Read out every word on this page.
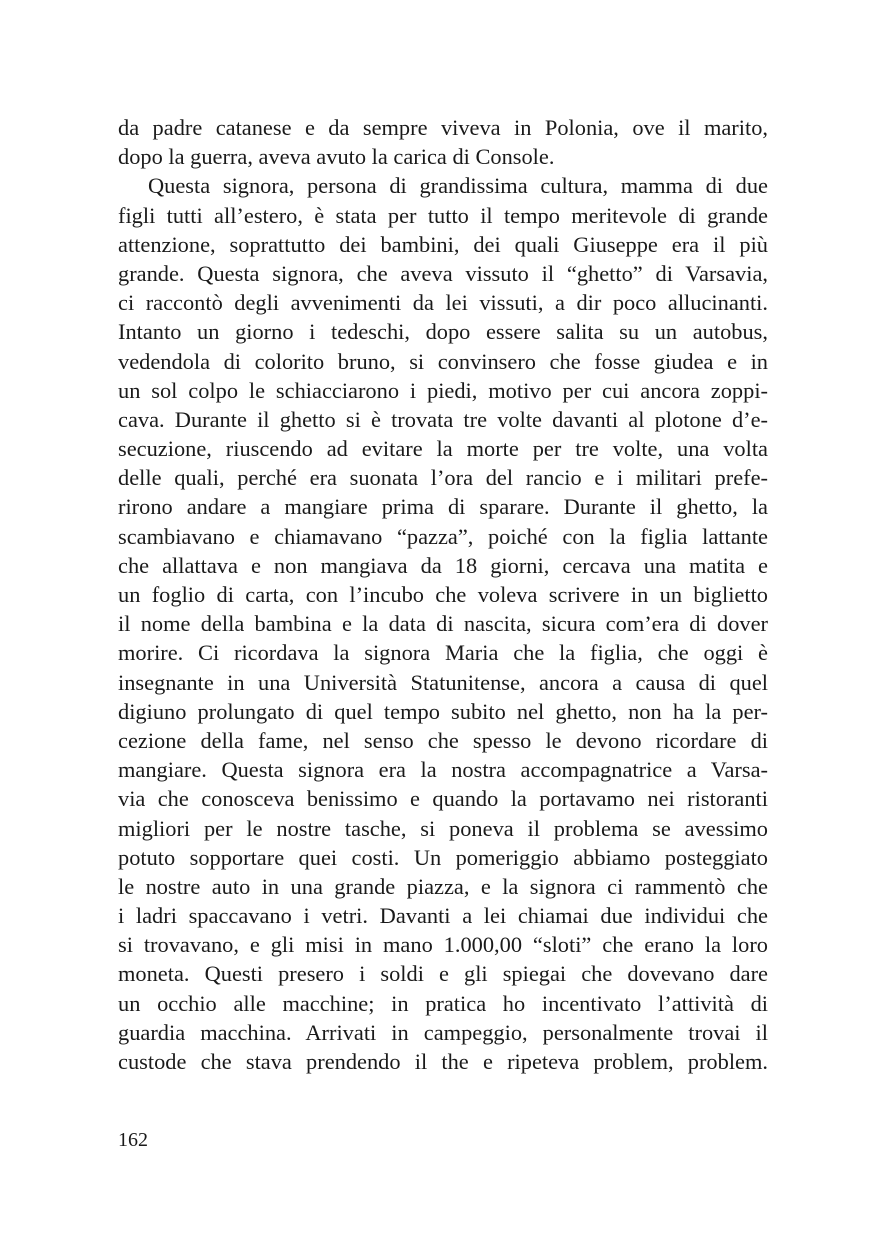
da padre catanese e da sempre viveva in Polonia, ove il marito,
dopo la guerra, aveva avuto la carica di Console.
Questa signora, persona di grandissima cultura, mamma di due
figli tutti all’estero, è stata per tutto il tempo meritevole di grande
attenzione, soprattutto dei bambini, dei quali Giuseppe era il più
grande. Questa signora, che aveva vissuto il “ghetto” di Varsavia,
ci raccontò degli avvenimenti da lei vissuti, a dir poco allucinanti.
Intanto un giorno i tedeschi, dopo essere salita su un autobus,
vedendola di colorito bruno, si convinsero che fosse giudea e in
un sol colpo le schiacciarono i piedi, motivo per cui ancora zoppi-
cava. Durante il ghetto si è trovata tre volte davanti al plotone d’e-
secuzione, riuscendo ad evitare la morte per tre volte, una volta
delle quali, perché era suonata l’ora del rancio e i militari prefe-
rirono andare a mangiare prima di sparare. Durante il ghetto, la
scambiavano e chiamavano “pazza”, poiché con la figlia lattante
che allattava e non mangiava da 18 giorni, cercava una matita e
un foglio di carta, con l’incubo che voleva scrivere in un biglietto
il nome della bambina e la data di nascita, sicura com’era di dover
morire. Ci ricordava la signora Maria che la figlia, che oggi è
insegnante in una Università Statunitense, ancora a causa di quel
digiuno prolungato di quel tempo subito nel ghetto, non ha la per-
cezione della fame, nel senso che spesso le devono ricordare di
mangiare. Questa signora era la nostra accompagnatrice a Varsa-
via che conosceva benissimo e quando la portavamo nei ristoranti
migliori per le nostre tasche, si poneva il problema se avessimo
potuto sopportare quei costi. Un pomeriggio abbiamo posteggiato
le nostre auto in una grande piazza, e la signora ci rammentò che
i ladri spaccavano i vetri. Davanti a lei chiamai due individui che
si trovavano, e gli misi in mano 1.000,00 “sloti” che erano la loro
moneta. Questi presero i soldi e gli spiegai che dovevano dare
un occhio alle macchine; in pratica ho incentivato l’attività di
guardia macchina. Arrivati in campeggio, personalmente trovai il
custode che stava prendendo il the e ripeteva problem, problem.
162
